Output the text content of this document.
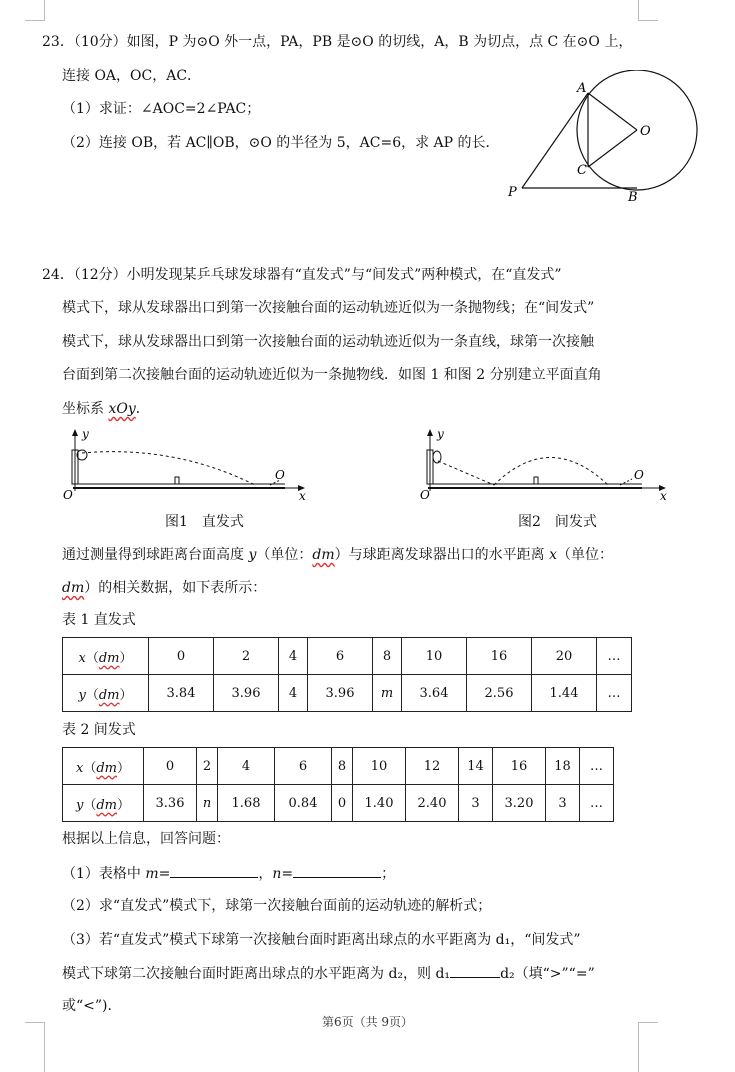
23．（10分）如图，P 为⊙O 外一点，PA，PB 是⊙O 的切线，A，B 为切点，点 C 在⊙O 上，
连接 OA，OC，AC．
（1）求证：∠AOC=2∠PAC；
（2）连接 OB，若 AC∥OB，⊙O 的半径为 5，AC=6，求 AP 的长．
A
O
C
P	B
24．（12分）小明发现某乒乓球发球器有“直发式”与“间发式”两种模式，在“直发式”
模式下，球从发球器出口到第一次接触台面的运动轨迹近似为一条抛物线；在“间发式”
模式下，球从发球器出口到第一次接触台面的运动轨迹近似为一条直线，球第一次接触
台面到第二次接触台面的运动轨迹近似为一条抛物线．如图 1 和图 2 分别建立平面直角
坐标系 xOy．
y
O
O	x
图1　直发式
y
O
O	x
图2　间发式
通过测量得到球距离台面高度 y（单位：dm）与球距离发球器出口的水平距离 x（单位：
dm）的相关数据，如下表所示：
表 1 直发式
x（dm）	0	2	4	6	8	10	16	20	…
y（dm）	3.84	3.96	4	3.96	m	3.64	2.56	1.44	…
表 2 间发式
x（dm）	0	2	4	6	8	10	12	14	16	18	…
y（dm）	3.36	n	1.68	0.84	0	1.40	2.40	3	3.20	3	…
根据以上信息，回答问题：
（1）表格中 m=	，n=	；
（2）求“直发式”模式下，球第一次接触台面前的运动轨迹的解析式；
（3）若“直发式”模式下球第一次接触台面时距离出球点的水平距离为 d₁，“间发式”
模式下球第二次接触台面时距离出球点的水平距离为 d₂，则 d₁	d₂（填“>”“=”
或“<”)．
第6页（共 9页）
